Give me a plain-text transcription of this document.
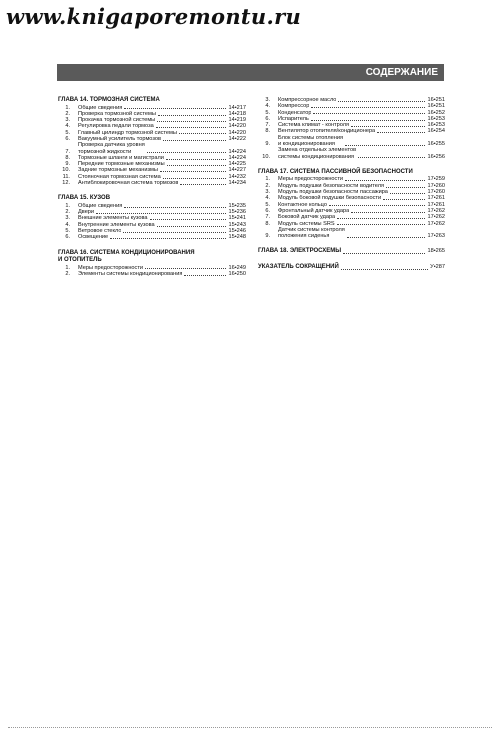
www.knigaporemontu.ru
СОДЕРЖАНИЕ
ГЛАВА 14. ТОРМОЗНАЯ СИСТЕМА
1.	Общие сведения	14•217
2.	Проверка тормозной системы	14•218
3.	Прокачка тормозной системы	14•219
4.	Регулировка педали тормоза	14•220
5.	Главный цилиндр тормозной системы	14•220
6.	Вакуумный усилитель тормозов	14•222
7.
Проверка датчика уровня
тормозной жидкости	14•224
8.	Тормозные шланги и магистрали	14•224
9.	Передние тормозные механизмы	14•225
10.	Задние тормозные механизмы	14•227
11.	Стояночная тормозная система	14•232
12.	Антиблокировочная система тормозов	14•234
ГЛАВА 15. КУЗОВ
1.	Общие сведения	15•235
2.	Двери	15•236
3.	Внешние элементы кузова	15•241
4.	Внутренние элементы кузова	15•243
5.	Ветровое стекло	15•246
6.	Освещение	15•248
ГЛАВА 16. СИСТЕМА КОНДИЦИОНИРОВАНИЯ
И ОТОПИТЕЛЬ
1.	Меры предосторожности	16•249
2.	Элементы системы кондиционирования	16•250
3.	Компрессорное масло	16•251
4.	Компрессор	16•251
5.	Конденсатор	16•252
6.	Испаритель	16•253
7.	Система климат - контроля	16•253
8.	Вентилятор отопителя/кондиционера	16•254
9.
Блок системы отопления
и кондиционирования	16•255
10.
Замена отдельных элементов
системы кондиционирования	16•256
ГЛАВА 17. СИСТЕМА ПАССИВНОЙ БЕЗОПАСНОСТИ
1.	Меры предосторожности	17•259
2.	Модуль подушки безопасности водителя	17•260
3.	Модуль подушки безопасности пассажира	17•260
4.	Модуль боковой подушки безопасности	17•261
5.	Контактное кольцо	17•261
6.	Фронтальный датчик удара	17•262
7.	Боковой датчик удара	17•262
8.	Модуль системы SRS	17•262
9.
Датчик системы контроля
положения сиденья	17•263
ГЛАВА 18. ЭЛЕКТРОСХЕМЫ	18•265
УКАЗАТЕЛЬ СОКРАЩЕНИЙ	У•287
